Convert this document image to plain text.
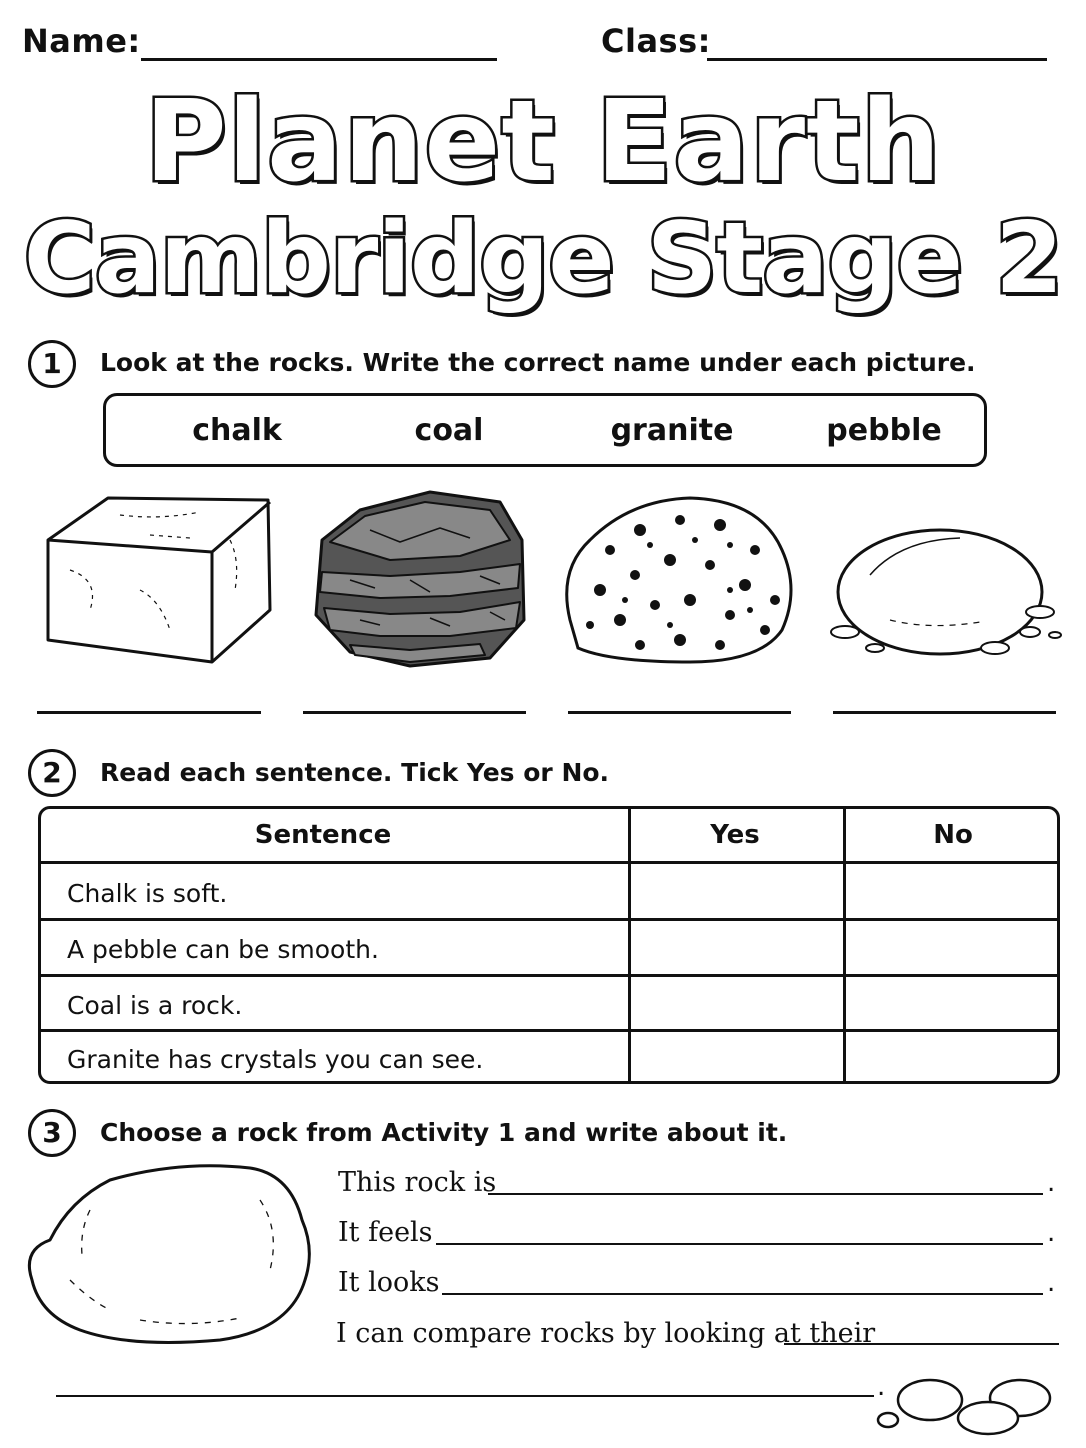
Name:	Class:
Planet Earth
Cambridge Stage 2
1	Look at the rocks. Write the correct name under each picture.
chalk	coal	granite	pebble
2	Read each sentence. Tick Yes or No.
Sentence	Yes	No
Chalk is soft.
A pebble can be smooth.
Coal is a rock.
Granite has crystals you can see.
3	Choose a rock from Activity 1 and write about it.
This rock is	.
It feels	.
It looks	.
I can compare rocks by looking at their
.
